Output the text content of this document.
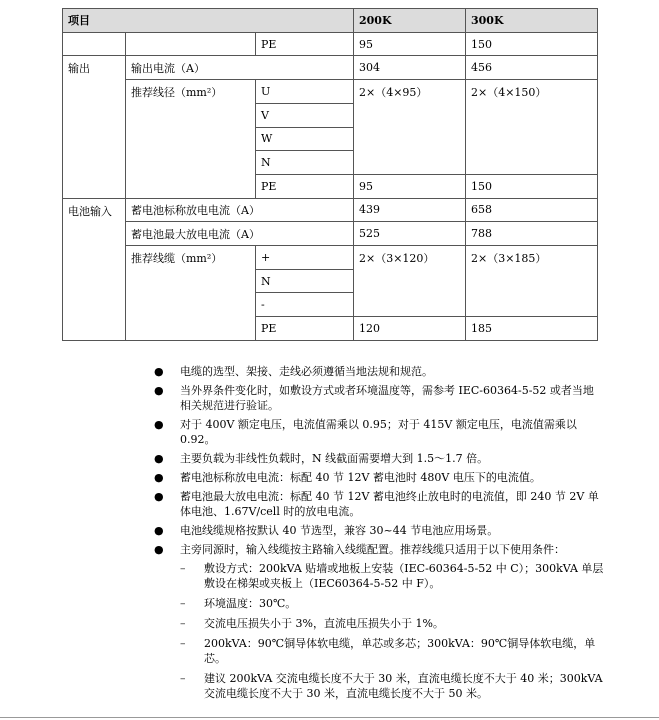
项目			200K	300K
		PE	95	150
输出	输出电流（A）		304	456
	推荐线径（mm²）	U	2×（4×95）	2×（4×150）
		V		
		W		
		N		
		PE	95	150
电池输入	蓄电池标称放电电流（A）		439	658
	蓄电池最大放电电流（A）		525	788
	推荐线缆（mm²）	+	2×（3×120）	2×（3×185）
		N		
		-		
		PE	120	185
● 电缆的选型、架接、走线必须遵循当地法规和规范。
● 当外界条件变化时，如敷设方式或者环境温度等，需参考 IEC-60364-5-52 或者当地相关规范进行验证。
● 对于 400V 额定电压，电流值需乘以 0.95；对于 415V 额定电压，电流值需乘以 0.92。
● 主要负载为非线性负载时，N 线截面需要增大到 1.5～1.7 倍。
● 蓄电池标称放电电流：标配 40 节 12V 蓄电池时 480V 电压下的电流值。
● 蓄电池最大放电电流：标配 40 节 12V 蓄电池终止放电时的电流值，即 240 节 2V 单体电池、1.67V/cell 时的放电电流。
● 电池线缆规格按默认 40 节选型，兼容 30~44 节电池应用场景。
● 主旁同源时，输入线缆按主路输入线缆配置。推荐线缆只适用于以下使用条件：
– 敷设方式：200kVA 贴墙或地板上安装（IEC-60364-5-52 中 C）；300kVA 单层敷设在梯架或夹板上（IEC60364-5-52 中 F）。
– 环境温度：30℃。
– 交流电压损失小于 3%，直流电压损失小于 1%。
– 200kVA：90℃铜导体软电缆，单芯或多芯；300kVA：90℃铜导体软电缆，单芯。
– 建议 200kVA 交流电缆长度不大于 30 米，直流电缆长度不大于 40 米；300kVA 交流电缆长度不大于 30 米，直流电缆长度不大于 50 米。
